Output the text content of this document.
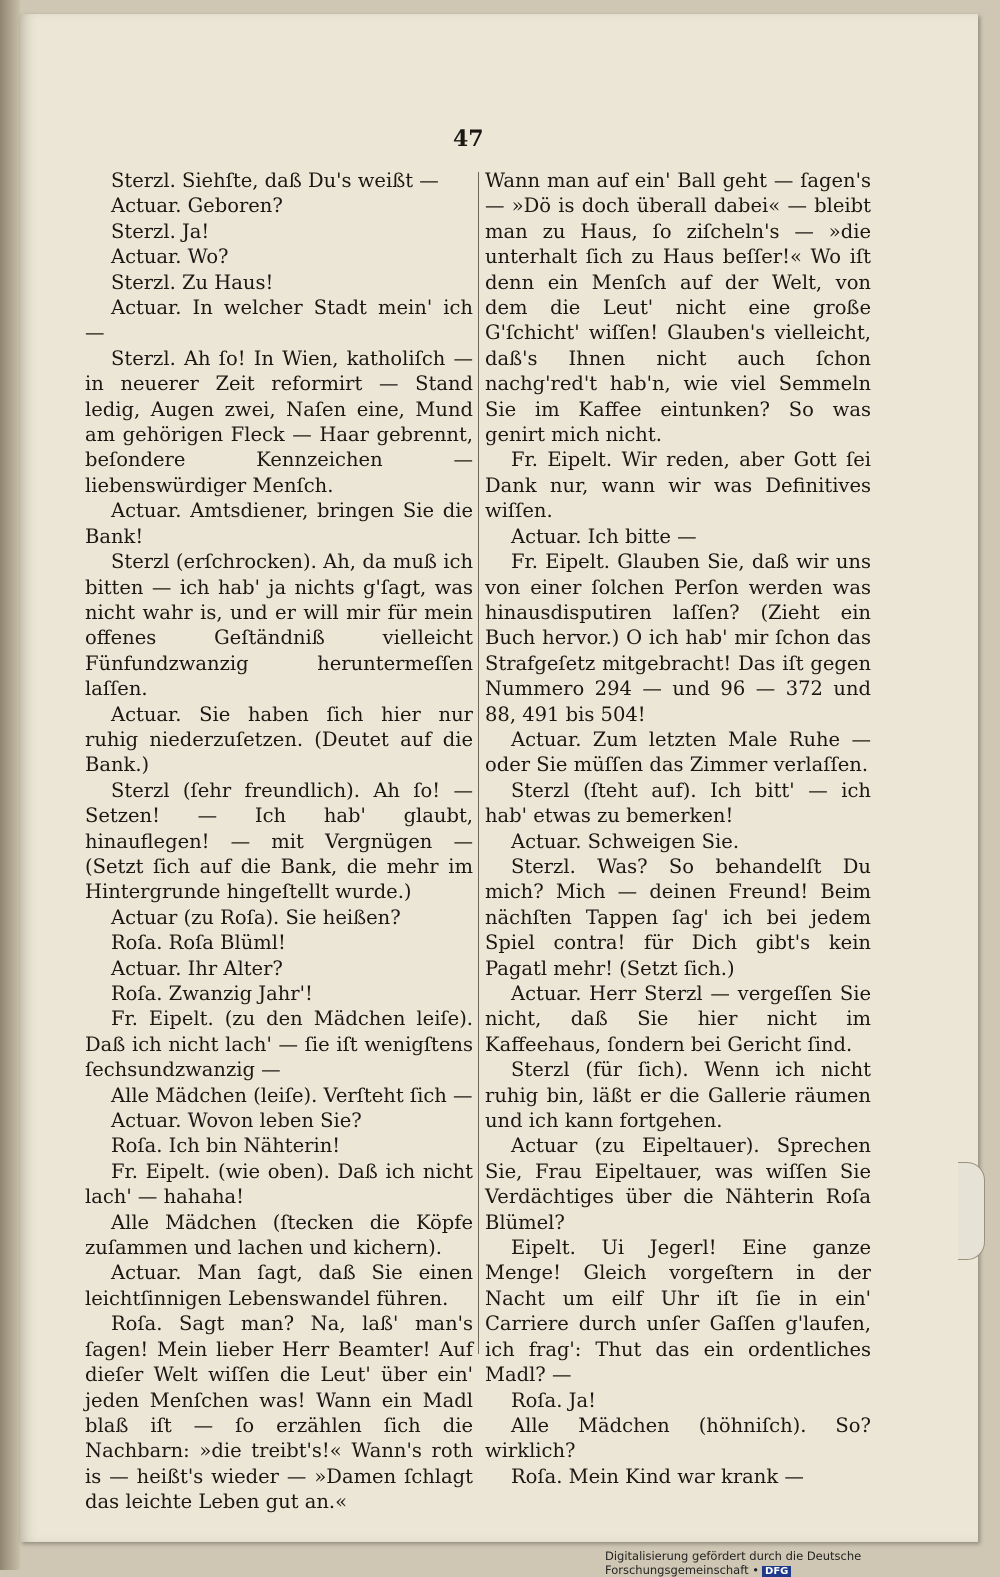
47

Sterzl. Siehſte, daß Du's weißt —

Actuar. Geboren?

Sterzl. Ja!

Actuar. Wo?

Sterzl. Zu Haus!

Actuar. In welcher Stadt mein' ich —

Sterzl. Ah ſo! In Wien, katholiſch — in neuerer Zeit reformirt — Stand ledig, Augen zwei, Naſen eine, Mund am gehörigen Fleck — Haar gebrennt, beſondere Kennzeichen — liebenswürdiger Menſch.

Actuar. Amtsdiener, bringen Sie die Bank!

Sterzl (erſchrocken). Ah, da muß ich bitten — ich hab' ja nichts g'ſagt, was nicht wahr is, und er will mir für mein offenes Geſtändniß vielleicht Fünfundzwanzig heruntermeſſen laſſen.

Actuar. Sie haben ſich hier nur ruhig niederzuſetzen. (Deutet auf die Bank.)

Sterzl (ſehr freundlich). Ah ſo! — Setzen! — Ich hab' glaubt, hinauflegen! — mit Vergnügen — (Setzt ſich auf die Bank, die mehr im Hintergrunde hingeſtellt wurde.)

Actuar (zu Roſa). Sie heißen?

Roſa. Roſa Blüml!

Actuar. Ihr Alter?

Roſa. Zwanzig Jahr'!

Fr. Eipelt. (zu den Mädchen leiſe). Daß ich nicht lach' — ſie iſt wenigſtens ſechsundzwanzig —

Alle Mädchen (leiſe). Verſteht ſich —

Actuar. Wovon leben Sie?

Roſa. Ich bin Nähterin!

Fr. Eipelt. (wie oben). Daß ich nicht lach' — hahaha!

Alle Mädchen (ſtecken die Köpfe zuſammen und lachen und kichern).

Actuar. Man ſagt, daß Sie einen leichtſinnigen Lebenswandel führen.

Roſa. Sagt man? Na, laß' man's ſagen! Mein lieber Herr Beamter! Auf dieſer Welt wiſſen die Leut' über ein' jeden Menſchen was! Wann ein Madl blaß iſt — ſo erzählen ſich die Nachbarn: »die treibt's!« Wann's roth is — heißt's wieder — »Damen ſchlagt das leichte Leben gut an.«

Wann man auf ein' Ball geht — ſagen's — »Dö is doch überall dabei« — bleibt man zu Haus, ſo ziſcheln's — »die unterhalt ſich zu Haus beſſer!« Wo iſt denn ein Menſch auf der Welt, von dem die Leut' nicht eine große G'ſchicht' wiſſen! Glauben's vielleicht, daß's Ihnen nicht auch ſchon nachg'red't hab'n, wie viel Semmeln Sie im Kaffee eintunken? So was genirt mich nicht.

Fr. Eipelt. Wir reden, aber Gott ſei Dank nur, wann wir was Definitives wiſſen.

Actuar. Ich bitte —

Fr. Eipelt. Glauben Sie, daß wir uns von einer ſolchen Perſon werden was hinausdisputiren laſſen? (Zieht ein Buch hervor.) O ich hab' mir ſchon das Strafgeſetz mitgebracht! Das iſt gegen Nummero 294 — und 96 — 372 und 88, 491 bis 504!

Actuar. Zum letzten Male Ruhe — oder Sie müſſen das Zimmer verlaſſen.

Sterzl (ſteht auf). Ich bitt' — ich hab' etwas zu bemerken!

Actuar. Schweigen Sie.

Sterzl. Was? So behandelſt Du mich? Mich — deinen Freund! Beim nächſten Tappen ſag' ich bei jedem Spiel contra! für Dich gibt's kein Pagatl mehr! (Setzt ſich.)

Actuar. Herr Sterzl — vergeſſen Sie nicht, daß Sie hier nicht im Kaffeehaus, ſondern bei Gericht ſind.

Sterzl (für ſich). Wenn ich nicht ruhig bin, läßt er die Gallerie räumen und ich kann fortgehen.

Actuar (zu Eipeltauer). Sprechen Sie, Frau Eipeltauer, was wiſſen Sie Verdächtiges über die Nähterin Roſa Blümel?

Eipelt. Ui Jegerl! Eine ganze Menge! Gleich vorgeſtern in der Nacht um eilf Uhr iſt ſie in ein' Carriere durch unſer Gaſſen g'laufen, ich frag': Thut das ein ordentliches Madl? —

Roſa. Ja!

Alle Mädchen (höhniſch). So? wirklich?

Roſa. Mein Kind war krank —

Digitalisierung gefördert durch die Deutsche Forschungsgemeinschaft • DFG
